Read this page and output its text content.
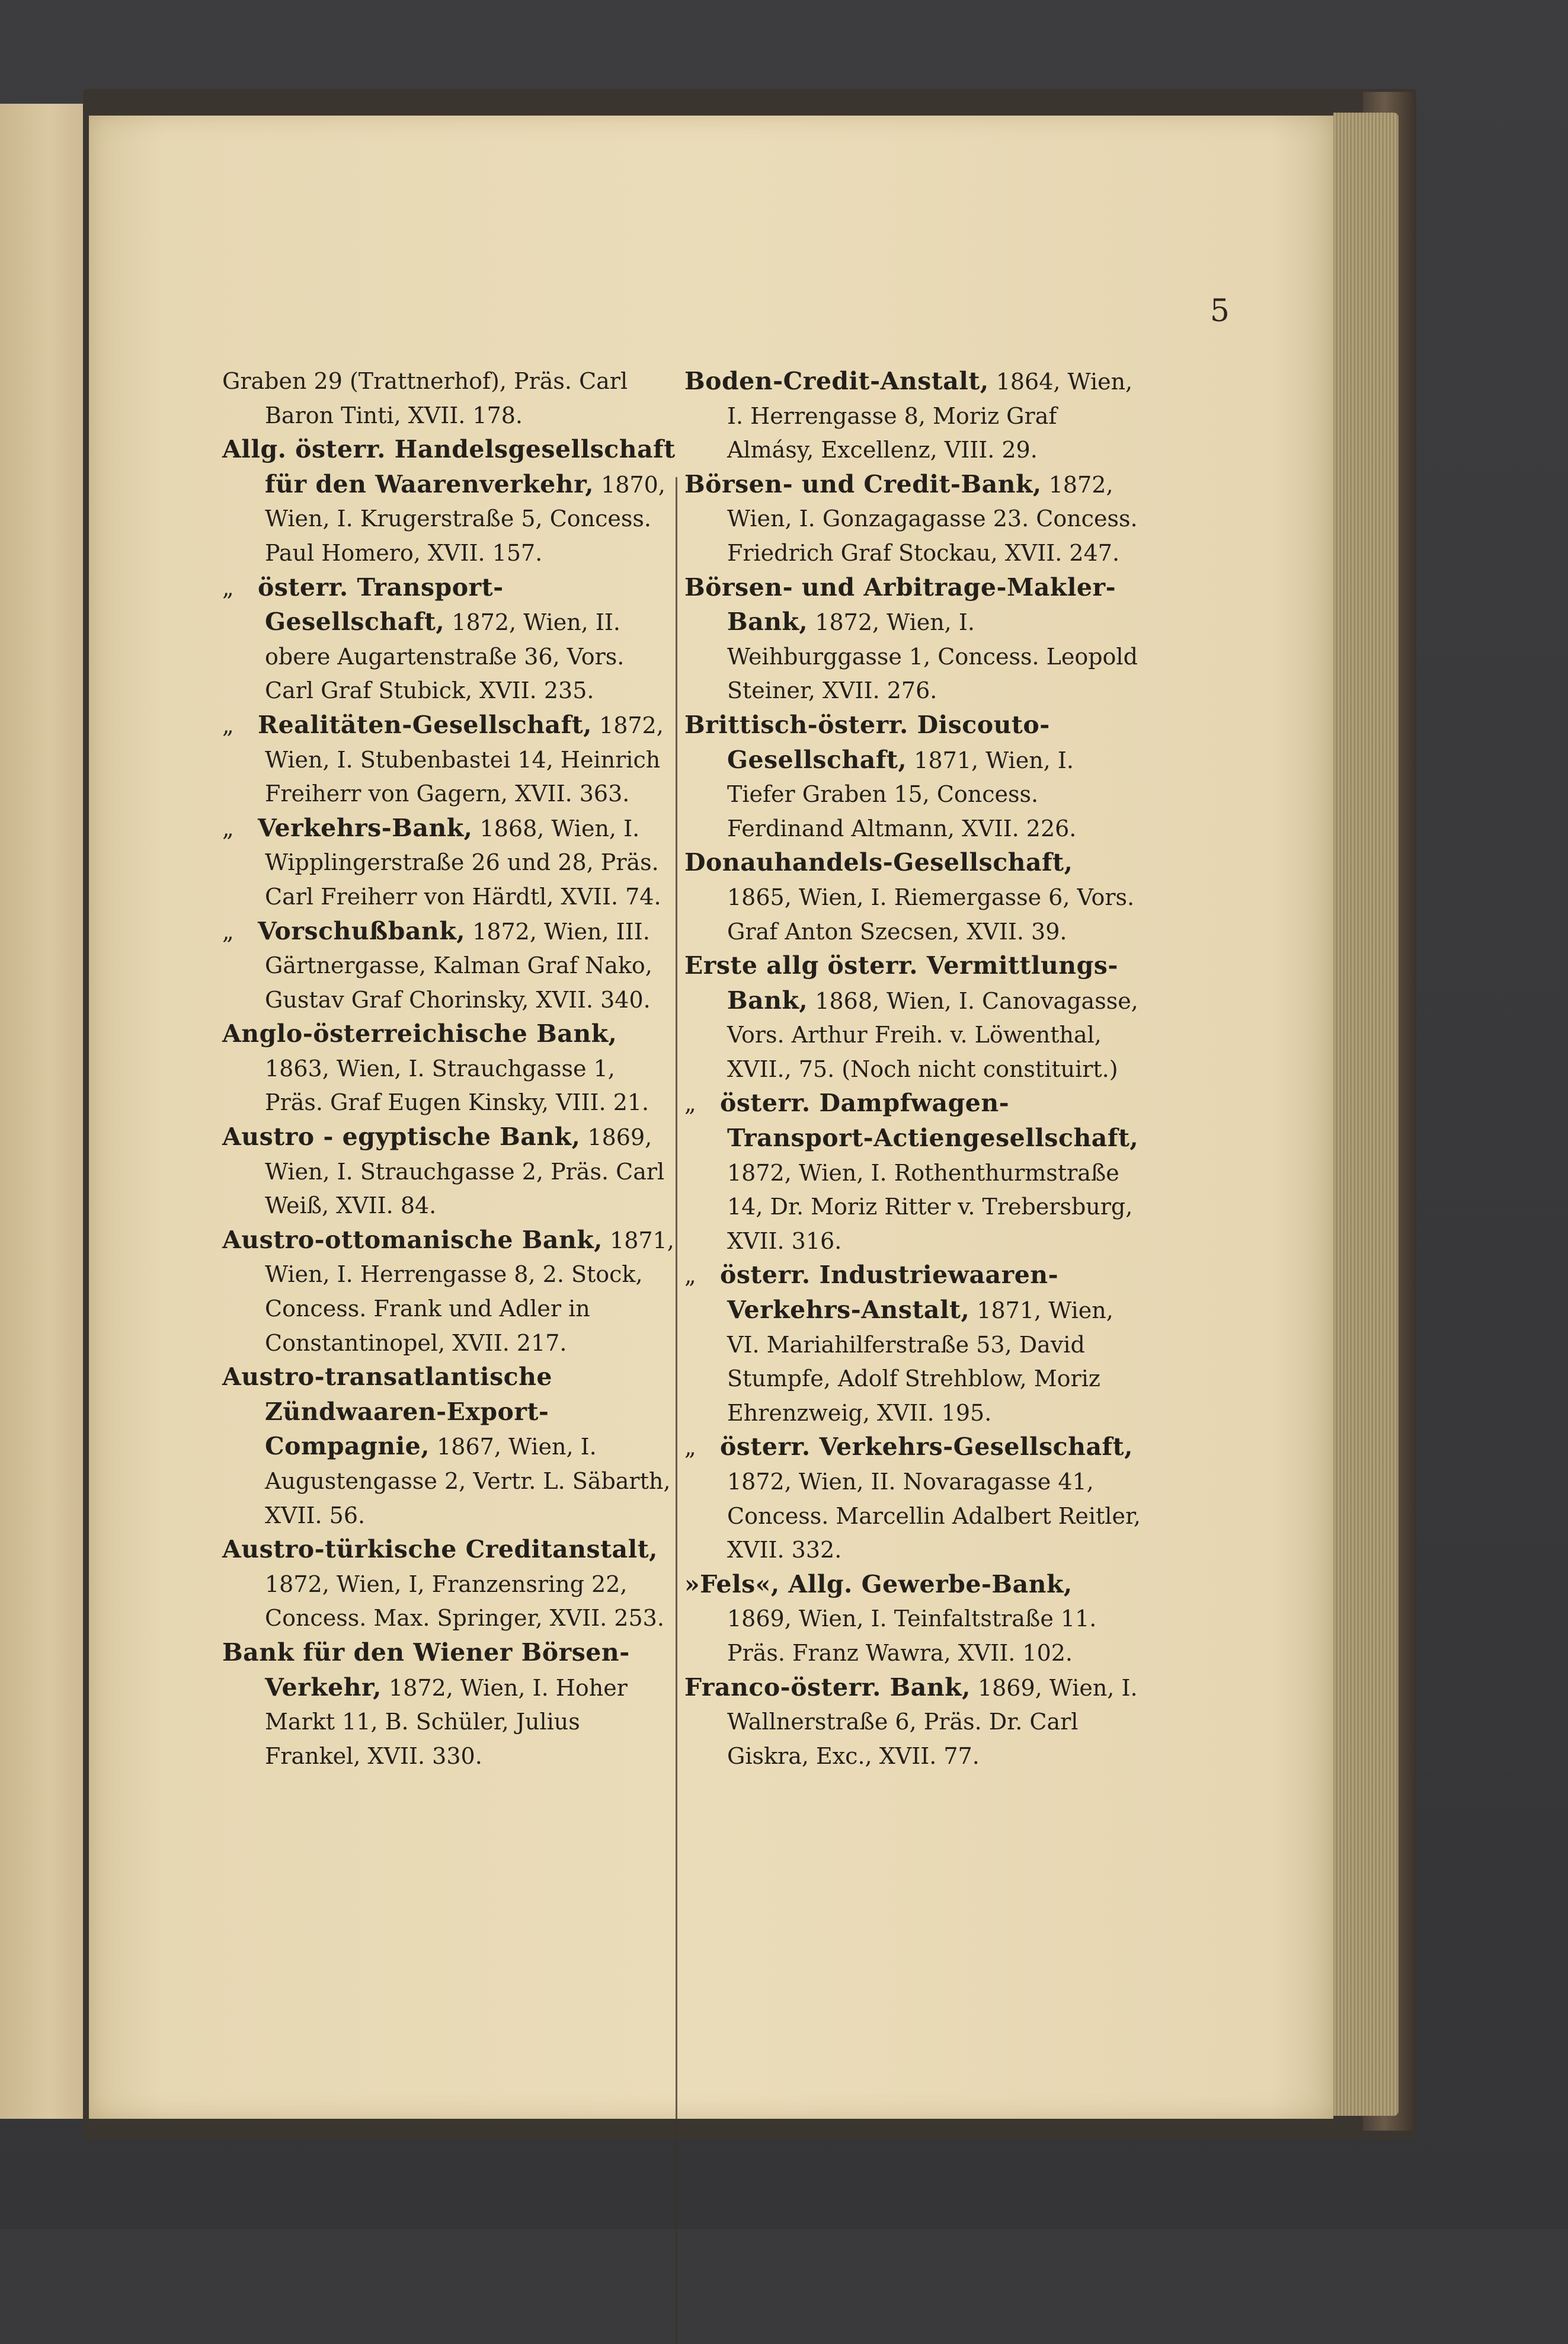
5

Graben 29 (Trattnerhof), Präs. Carl Baron Tinti, XVII. 178.

Allg. österr. Handelsgesellschaft für den Waarenverkehr, 1870, Wien, I. Krugerstraße 5, Concess. Paul Homero, XVII. 157.

„ österr. Transport-Gesellschaft, 1872, Wien, II. obere Augartenstraße 36, Vors. Carl Graf Stubick, XVII. 235.

„ Realitäten-Gesellschaft, 1872, Wien, I. Stubenbastei 14, Heinrich Freiherr von Gagern, XVII. 363.

„ Verkehrs-Bank, 1868, Wien, I. Wipplingerstraße 26 und 28, Präs. Carl Freiherr von Härdtl, XVII. 74.

„ Vorschußbank, 1872, Wien, III. Gärtnergasse, Kalman Graf Nako, Gustav Graf Chorinsky, XVII. 340.

Anglo-österreichische Bank, 1863, Wien, I. Strauchgasse 1, Präs. Graf Eugen Kinsky, VIII. 21.

Austro - egyptische Bank, 1869, Wien, I. Strauchgasse 2, Präs. Carl Weiß, XVII. 84.

Austro-ottomanische Bank, 1871, Wien, I. Herrengasse 8, 2. Stock, Concess. Frank und Adler in Constantinopel, XVII. 217.

Austro-transatlantische Zündwaaren-Export-Compagnie, 1867, Wien, I. Augustengasse 2, Vertr. L. Säbarth, XVII. 56.

Austro-türkische Creditanstalt, 1872, Wien, I, Franzensring 22, Concess. Max. Springer, XVII. 253.

Bank für den Wiener Börsen-Verkehr, 1872, Wien, I. Hoher Markt 11, B. Schüler, Julius Frankel, XVII. 330.

Boden-Credit-Anstalt, 1864, Wien, I. Herrengasse 8, Moriz Graf Almásy, Excellenz, VIII. 29.

Börsen- und Credit-Bank, 1872, Wien, I. Gonzagagasse 23. Concess. Friedrich Graf Stockau, XVII. 247.

Börsen- und Arbitrage-Makler-Bank, 1872, Wien, I. Weihburggasse 1, Concess. Leopold Steiner, XVII. 276.

Brittisch-österr. Discouto-Gesellschaft, 1871, Wien, I. Tiefer Graben 15, Concess. Ferdinand Altmann, XVII. 226.

Donauhandels-Gesellschaft, 1865, Wien, I. Riemergasse 6, Vors. Graf Anton Szecsen, XVII. 39.

Erste allg österr. Vermittlungs-Bank, 1868, Wien, I. Canovagasse, Vors. Arthur Freih. v. Löwenthal, XVII., 75. (Noch nicht constituirt.)

„ österr. Dampfwagen-Transport-Actiengesellschaft, 1872, Wien, I. Rothenthurmstraße 14, Dr. Moriz Ritter v. Trebersburg, XVII. 316.

„ österr. Industriewaaren-Verkehrs-Anstalt, 1871, Wien, VI. Mariahilferstraße 53, David Stumpfe, Adolf Strehblow, Moriz Ehrenzweig, XVII. 195.

„ österr. Verkehrs-Gesellschaft, 1872, Wien, II. Novaragasse 41, Concess. Marcellin Adalbert Reitler, XVII. 332.

»Fels«, Allg. Gewerbe-Bank, 1869, Wien, I. Teinfaltstraße 11. Präs. Franz Wawra, XVII. 102.

Franco-österr. Bank, 1869, Wien, I. Wallnerstraße 6, Präs. Dr. Carl Giskra, Exc., XVII. 77.
